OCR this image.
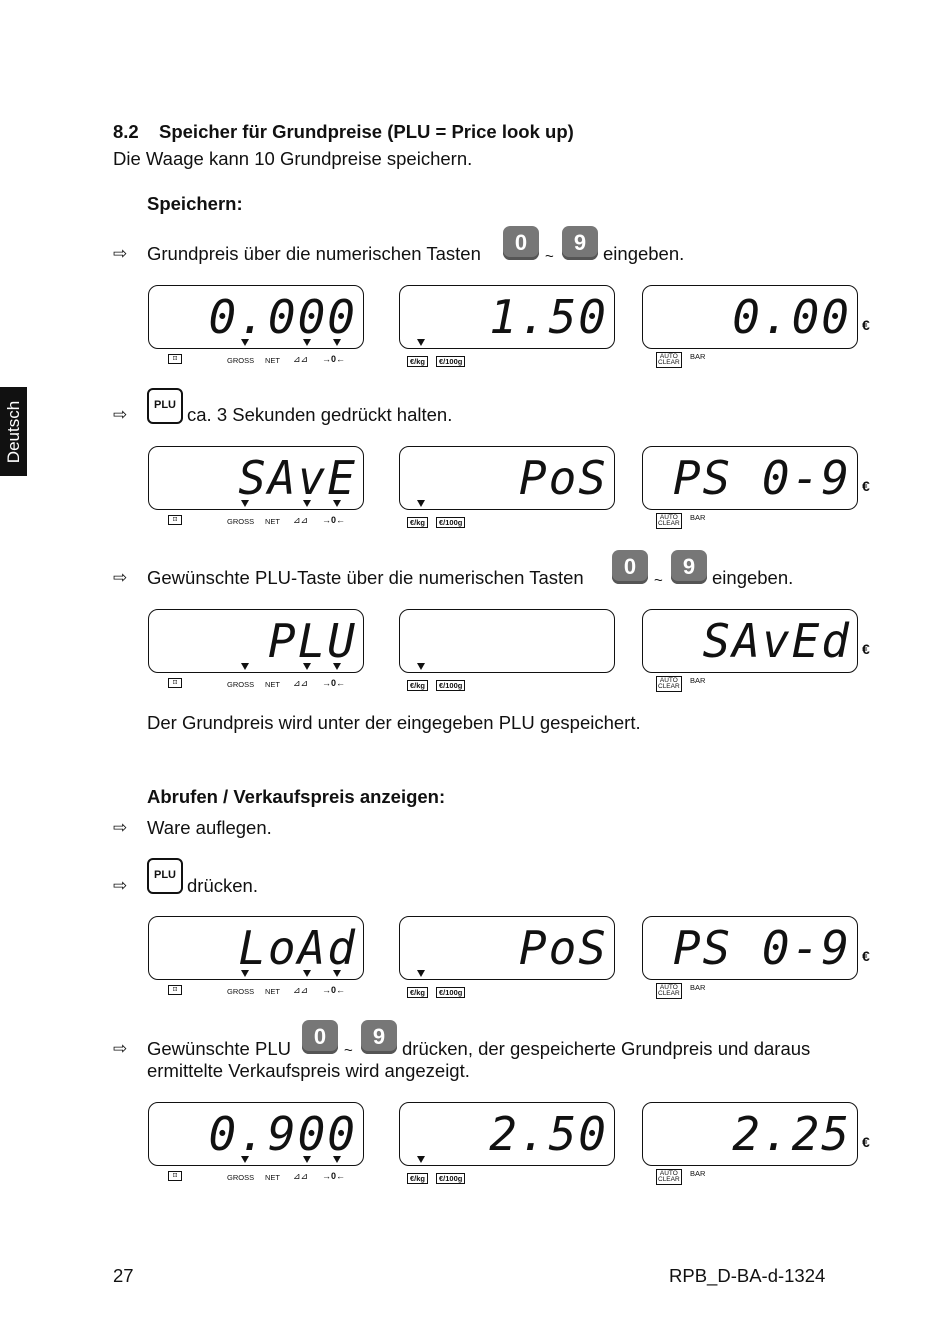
Deutsch
8.2 Speicher für Grundpreise (PLU = Price look up)
Die Waage kann 10 Grundpreise speichern.
Speichern:
⇨ Grundpreis über die numerischen Tasten	0
~
9 eingeben.
0.000
⊡	GROSS NET ⊿⊿ →0←
1.50
€/kg	€/100g
0.00 €
AUTO
CLEAR
BAR
⇨	PLU ca. 3 Sekunden gedrückt halten.
SAvE
⊡	GROSS NET ⊿⊿ →0←
PoS
€/kg	€/100g
PS 0-9 €
AUTO
CLEAR
BAR
⇨ Gewünschte PLU-Taste über die numerischen Tasten	0
~
9 eingeben.
PLU
⊡	GROSS NET ⊿⊿ →0←	€/kg	€/100g
SAvEd €
AUTO
CLEAR
BAR
Der Grundpreis wird unter der eingegeben PLU gespeichert.
Abrufen / Verkaufspreis anzeigen:
⇨ Ware auflegen.
⇨
PLU drücken.
LoAd
⊡	GROSS NET ⊿⊿ →0←
PoS
€/kg	€/100g
PS 0-9 €
AUTO
CLEAR
BAR
⇨ Gewünschte PLU	0
~
9 drücken, der gespeicherte Grundpreis und daraus
ermittelte Verkaufspreis wird angezeigt.
0.900
⊡	GROSS NET ⊿⊿ →0←
2.50
€/kg	€/100g
2.25 €
AUTO
CLEAR
BAR
27	RPB_D-BA-d-1324
